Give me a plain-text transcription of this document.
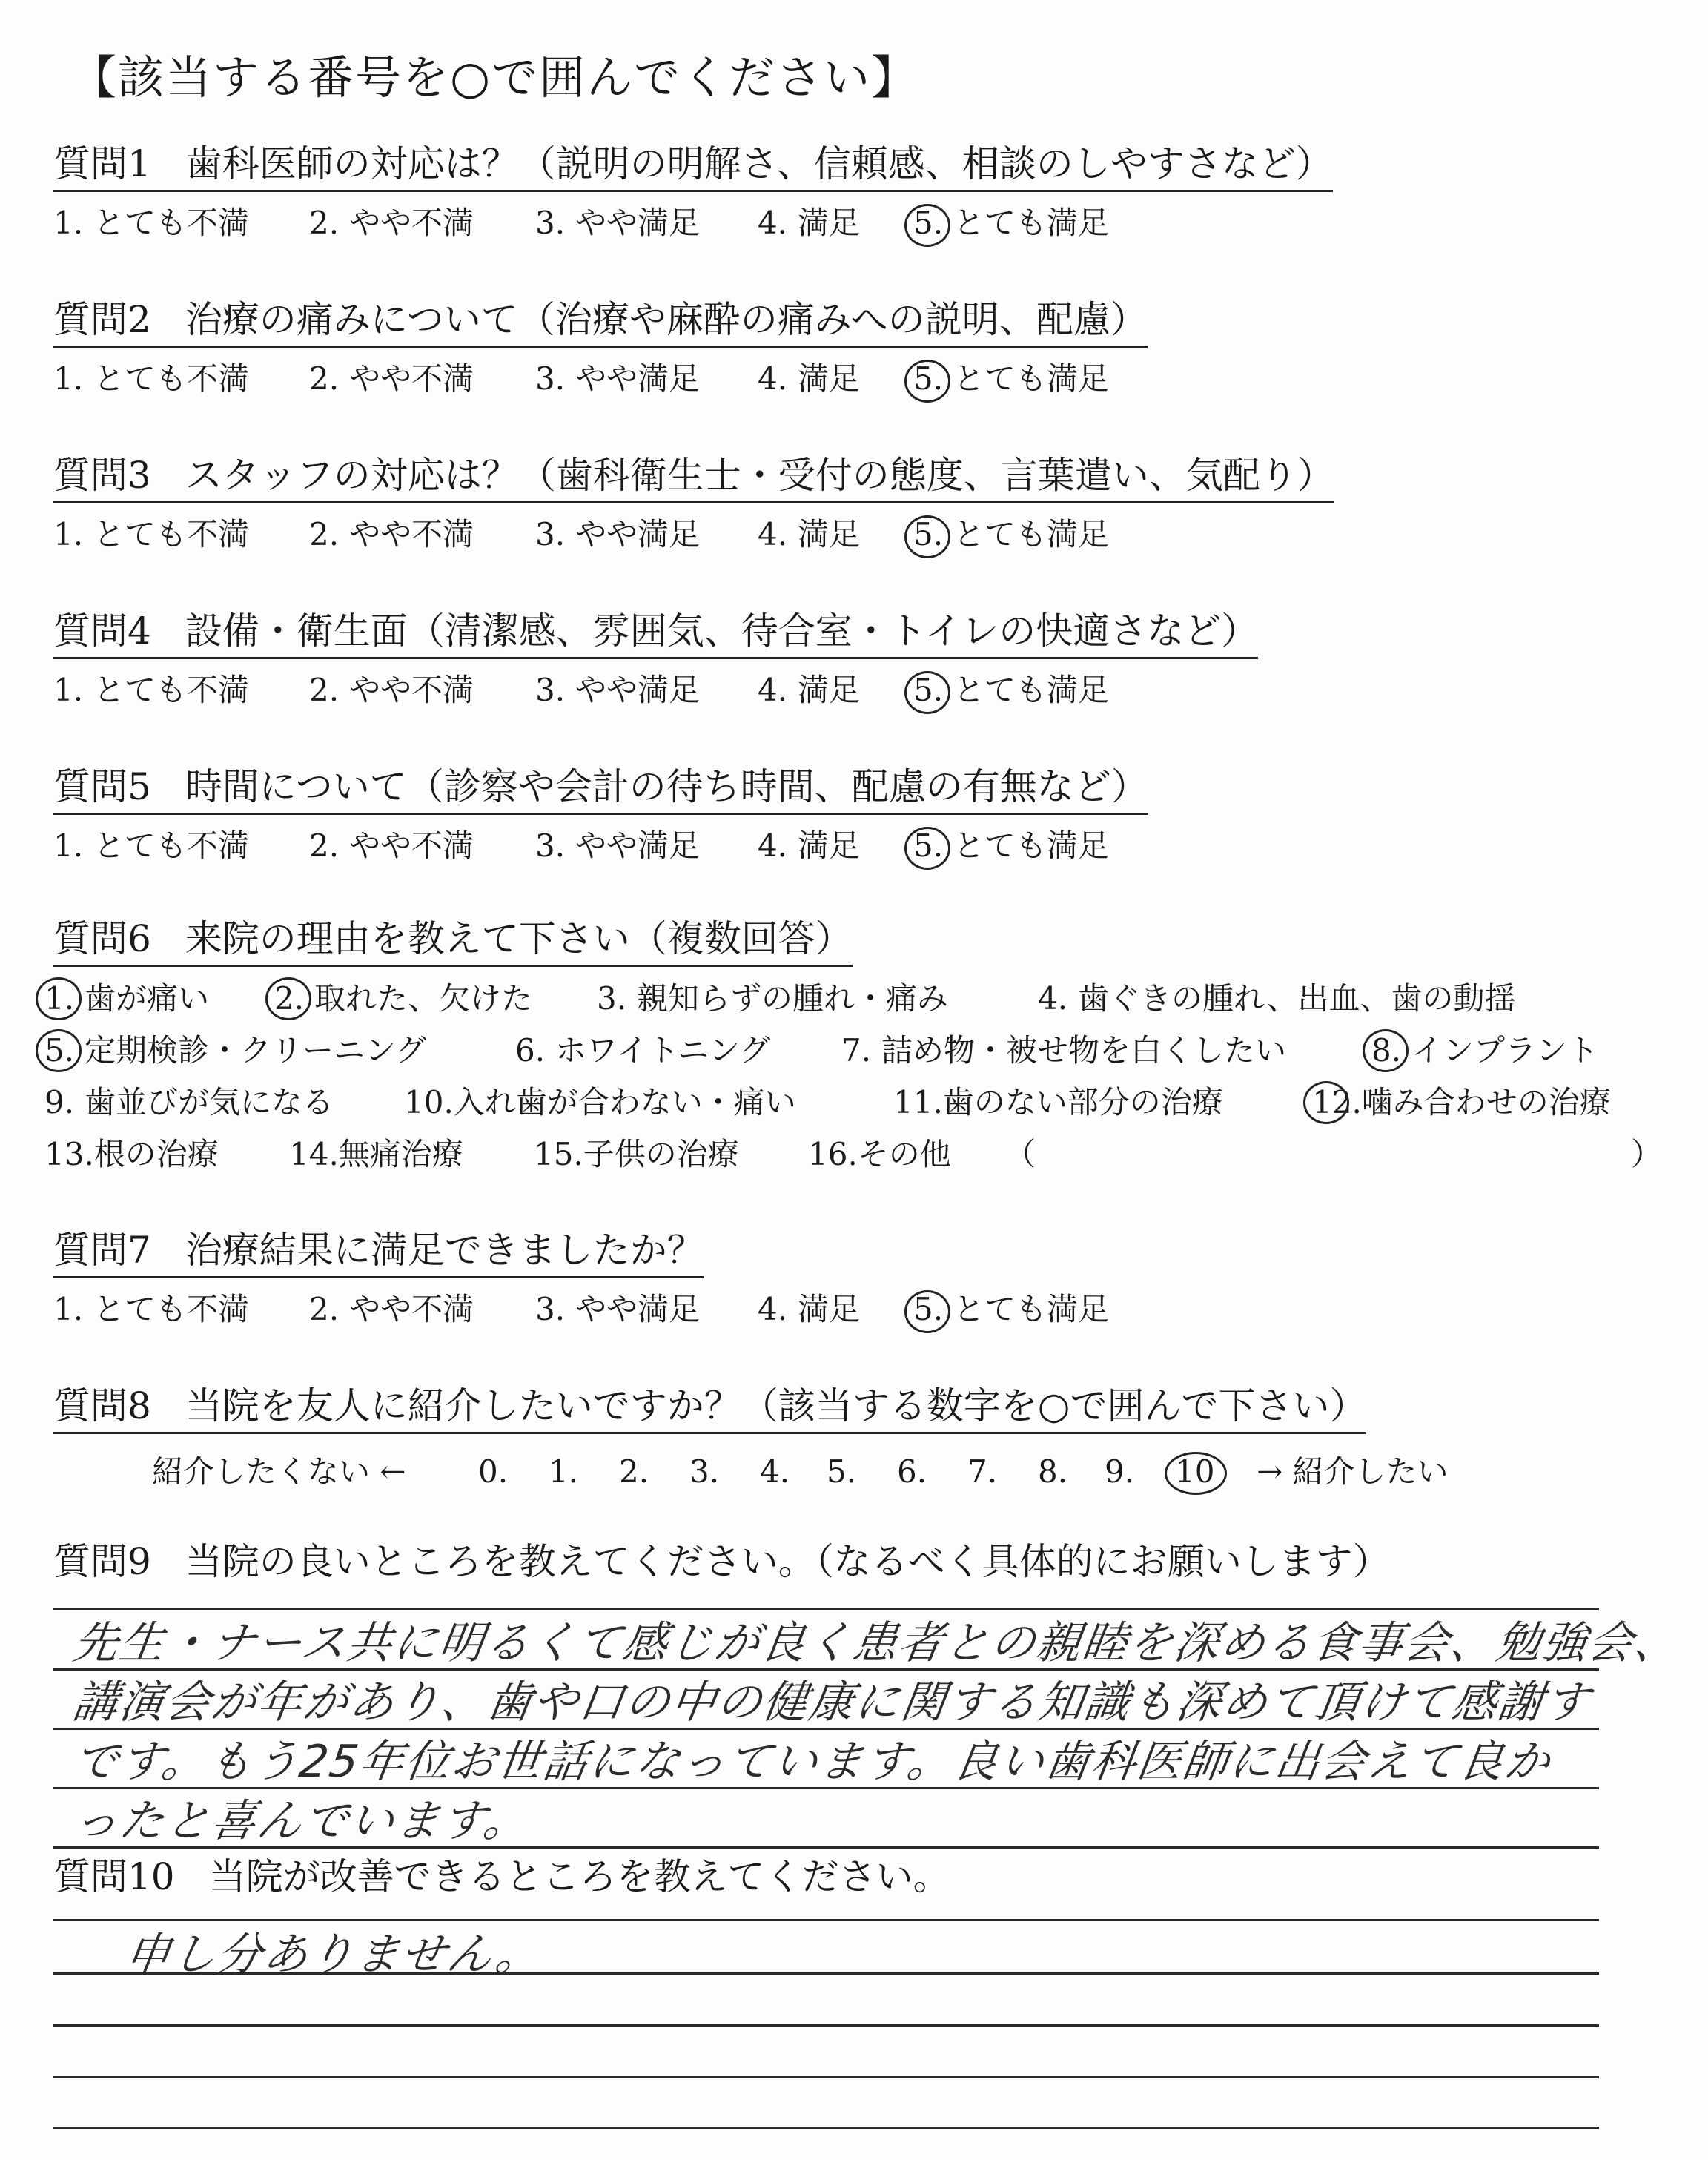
【該当する番号を○で囲んでください】
質問1 歯科医師の対応は？（説明の明解さ、信頼感、相談のしやすさなど）
1. とても不満 2. やや不満 3. やや満足 4. 満足 5. とても満足
質問2 治療の痛みについて（治療や麻酔の痛みへの説明、配慮）
1. とても不満 2. やや不満 3. やや満足 4. 満足 5. とても満足
質問3 スタッフの対応は？（歯科衛生士・受付の態度、言葉遣い、気配り）
1. とても不満 2. やや不満 3. やや満足 4. 満足 5. とても満足
質問4 設備・衛生面（清潔感、雰囲気、待合室・トイレの快適さなど）
1. とても不満 2. やや不満 3. やや満足 4. 満足 5. とても満足
質問5 時間について（診察や会計の待ち時間、配慮の有無など）
1. とても不満 2. やや不満 3. やや満足 4. 満足 5. とても満足
質問6 来院の理由を教えて下さい（複数回答）
1. 歯が痛い 2. 取れた、欠けた 3. 親知らずの腫れ・痛み	4. 歯ぐきの腫れ、出血、歯の動揺
5. 定期検診・クリーニング	6. ホワイトニング 7. 詰め物・被せ物を白くしたい	8. インプラント
9. 歯並びが気になる 10.入れ歯が合わない・痛い	11.歯のない部分の治療	12.噛み合わせの治療
13.根の治療 14.無痛治療 15.子供の治療 16.その他 （	）
質問7 治療結果に満足できましたか？
1. とても不満 2. やや不満 3. やや満足 4. 満足 5. とても満足
質問8 当院を友人に紹介したいですか？（該当する数字を○で囲んで下さい）
紹介したくない ← 0. 1. 2. 3. 4. 5. 6. 7. 8. 9. 10 → 紹介したい
質問9 当院の良いところを教えてください。（なるべく具体的にお願いします）
先生・ナース共に明るくて感じが良く患者との親睦を深める食事会、勉強会、
講演会が年があり、歯や口の中の健康に関する知識も深めて頂けて感謝す
です。もう25年位お世話になっています。良い歯科医師に出会えて良か
ったと喜んでいます。
質問10 当院が改善できるところを教えてください。
申し分ありません。
